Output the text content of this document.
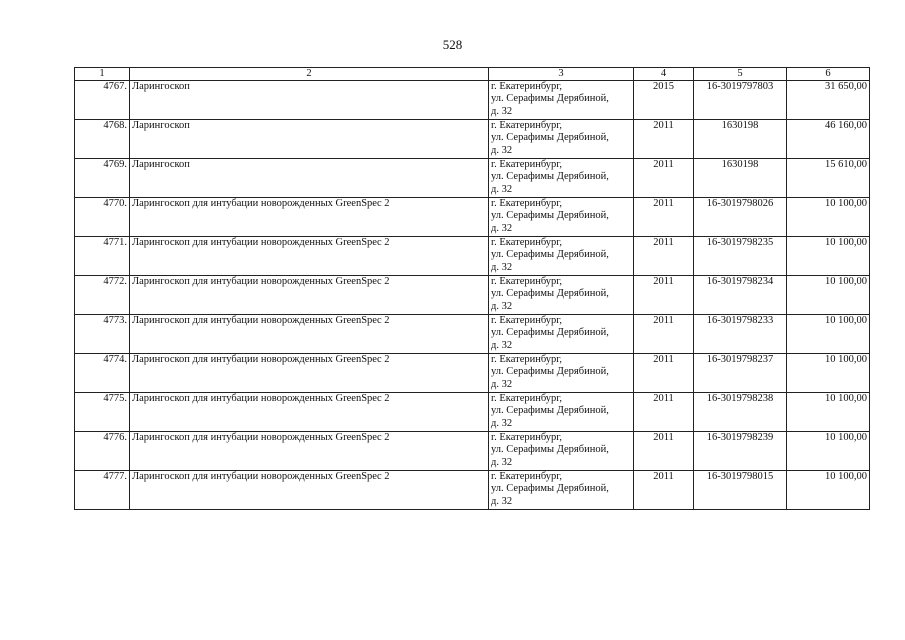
528
1	2	3	4	5	6
4767.	Ларингоскоп	г. Екатеринбург,
ул. Серафимы Дерябиной,
д. 32	2015	16-3019797803	31 650,00
4768.	Ларингоскоп	г. Екатеринбург,
ул. Серафимы Дерябиной,
д. 32	2011	1630198	46 160,00
4769.	Ларингоскоп	г. Екатеринбург,
ул. Серафимы Дерябиной,
д. 32	2011	1630198	15 610,00
4770.	Ларингоскоп для интубации новорожденных GreenSpec 2	г. Екатеринбург,
ул. Серафимы Дерябиной,
д. 32	2011	16-3019798026	10 100,00
4771.	Ларингоскоп для интубации новорожденных GreenSpec 2	г. Екатеринбург,
ул. Серафимы Дерябиной,
д. 32	2011	16-3019798235	10 100,00
4772.	Ларингоскоп для интубации новорожденных GreenSpec 2	г. Екатеринбург,
ул. Серафимы Дерябиной,
д. 32	2011	16-3019798234	10 100,00
4773.	Ларингоскоп для интубации новорожденных GreenSpec 2	г. Екатеринбург,
ул. Серафимы Дерябиной,
д. 32	2011	16-3019798233	10 100,00
4774.	Ларингоскоп для интубации новорожденных GreenSpec 2	г. Екатеринбург,
ул. Серафимы Дерябиной,
д. 32	2011	16-3019798237	10 100,00
4775.	Ларингоскоп для интубации новорожденных GreenSpec 2	г. Екатеринбург,
ул. Серафимы Дерябиной,
д. 32	2011	16-3019798238	10 100,00
4776.	Ларингоскоп для интубации новорожденных GreenSpec 2	г. Екатеринбург,
ул. Серафимы Дерябиной,
д. 32	2011	16-3019798239	10 100,00
4777.	Ларингоскоп для интубации новорожденных GreenSpec 2	г. Екатеринбург,
ул. Серафимы Дерябиной,
д. 32	2011	16-3019798015	10 100,00
